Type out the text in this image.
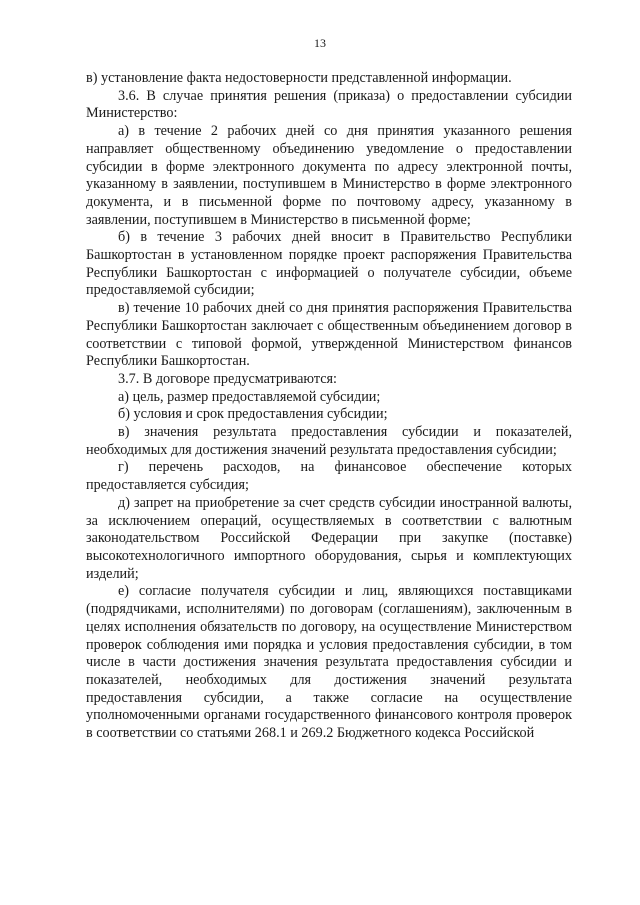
13

в) установление факта недостоверности представленной информации.

3.6. В случае принятия решения (приказа) о предоставлении субсидии Министерство:

а) в течение 2 рабочих дней со дня принятия указанного решения направляет общественному объединению уведомление о предоставлении субсидии в форме электронного документа по адресу электронной почты, указанному в заявлении, поступившем в Министерство в форме электронного документа, и в письменной форме по почтовому адресу, указанному в заявлении, поступившем в Министерство в письменной форме;

б) в течение 3 рабочих дней вносит в Правительство Республики Башкортостан в установленном порядке проект распоряжения Правительства Республики Башкортостан с информацией о получателе субсидии, объеме предоставляемой субсидии;

в) течение 10 рабочих дней со дня принятия распоряжения Правительства Республики Башкортостан заключает с общественным объединением договор в соответствии с типовой формой, утвержденной Министерством финансов Республики Башкортостан.

3.7. В договоре предусматриваются:

а) цель, размер предоставляемой субсидии;

б) условия и срок предоставления субсидии;

в) значения результата предоставления субсидии и показателей, необходимых для достижения значений результата предоставления субсидии;

г) перечень расходов, на финансовое обеспечение которых предоставляется субсидия;

д) запрет на приобретение за счет средств субсидии иностранной валюты, за исключением операций, осуществляемых в соответствии с валютным законодательством Российской Федерации при закупке (поставке) высокотехнологичного импортного оборудования, сырья и комплектующих изделий;

е) согласие получателя субсидии и лиц, являющихся поставщиками (подрядчиками, исполнителями) по договорам (соглашениям), заключенным в целях исполнения обязательств по договору, на осуществление Министерством проверок соблюдения ими порядка и условия предоставления субсидии, в том числе в части достижения значения результата предоставления субсидии и показателей, необходимых для достижения значений результата предоставления субсидии, а также согласие на осуществление уполномоченными органами государственного финансового контроля проверок в соответствии со статьями 268.1 и 269.2 Бюджетного кодекса Российской
